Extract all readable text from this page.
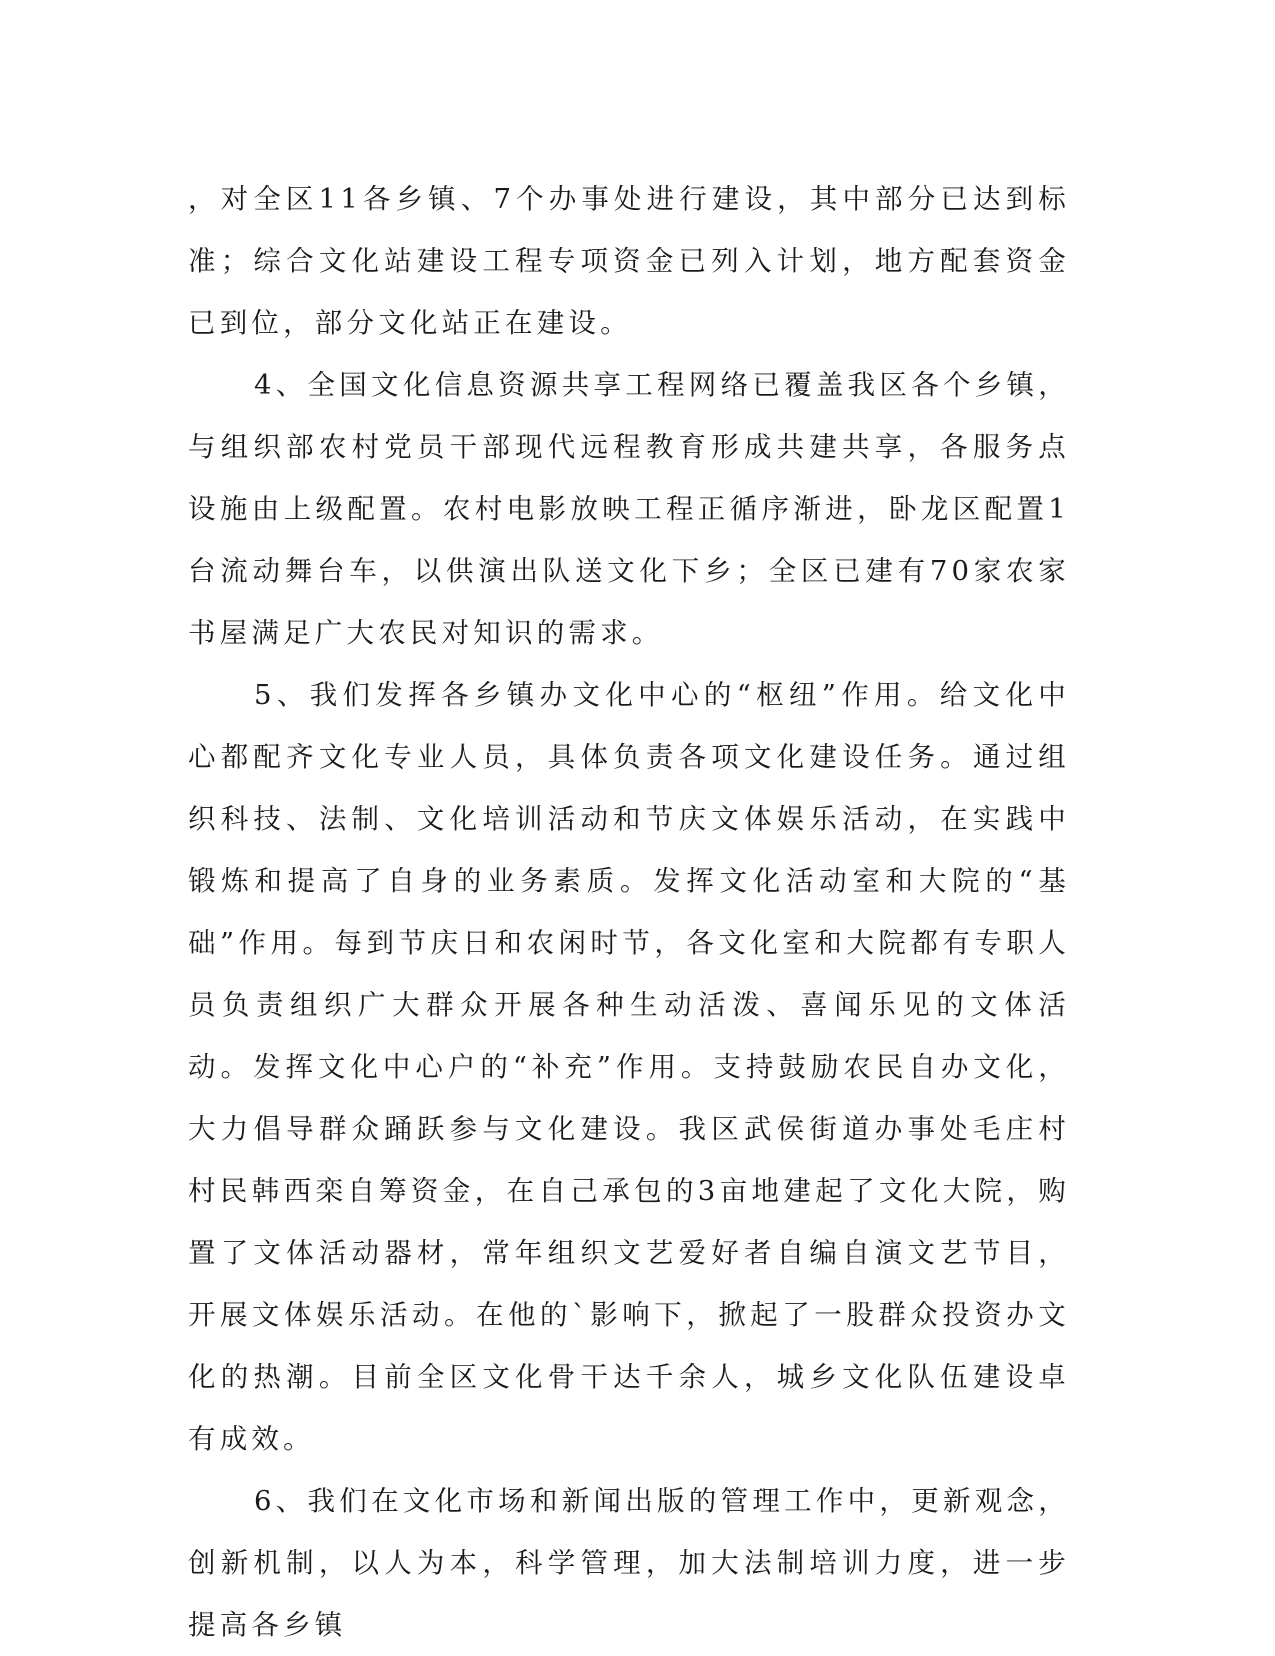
，对全区11各乡镇、7个办事处进行建设，其中部分已达到标准；综合文化站建设工程专项资金已列入计划，地方配套资金已到位，部分文化站正在建设。

4、全国文化信息资源共享工程网络已覆盖我区各个乡镇，与组织部农村党员干部现代远程教育形成共建共享，各服务点设施由上级配置。农村电影放映工程正循序渐进，卧龙区配置1台流动舞台车，以供演出队送文化下乡；全区已建有70家农家书屋满足广大农民对知识的需求。

5、我们发挥各乡镇办文化中心的“枢纽”作用。给文化中心都配齐文化专业人员，具体负责各项文化建设任务。通过组织科技、法制、文化培训活动和节庆文体娱乐活动，在实践中锻炼和提高了自身的业务素质。发挥文化活动室和大院的“基础”作用。每到节庆日和农闲时节，各文化室和大院都有专职人员负责组织广大群众开展各种生动活泼、喜闻乐见的文体活动。发挥文化中心户的“补充”作用。支持鼓励农民自办文化，大力倡导群众踊跃参与文化建设。我区武侯街道办事处毛庄村村民韩西栾自筹资金，在自己承包的3亩地建起了文化大院，购置了文体活动器材，常年组织文艺爱好者自编自演文艺节目，开展文体娱乐活动。在他的`影响下，掀起了一股群众投资办文化的热潮。目前全区文化骨干达千余人，城乡文化队伍建设卓有成效。

6、我们在文化市场和新闻出版的管理工作中，更新观念，创新机制，以人为本，科学管理，加大法制培训力度，进一步提高各乡镇
